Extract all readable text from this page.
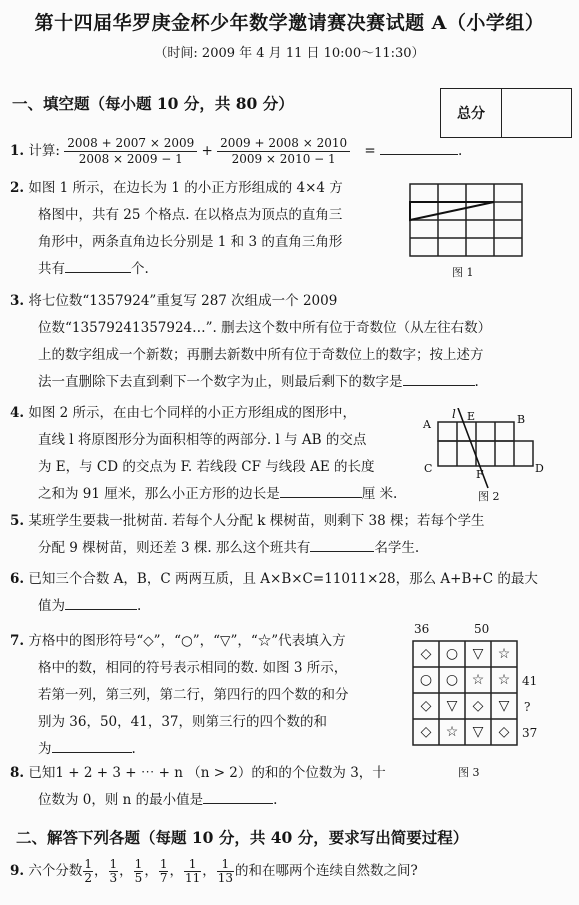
第十四届华罗庚金杯少年数学邀请赛决赛试题 A（小学组）
（时间: 2009 年 4 月 11 日 10:00～11:30）
一、填空题（每小题 10 分，共 80 分）
总分
1. 计算: $\frac{2008 + 2007 \times 2009}{2008 \times 2009 - 1} + \frac{2009 + 2008 \times 2010}{2009 \times 2010 - 1}$ =	.
2. 如图 1 所示，在边长为 1 的小正方形组成的 4×4 方
格图中，共有 25 个格点. 在以格点为顶点的直角三
角形中，两条直角边长分别是 1 和 3 的直角三角形
共有	个.	图 1
3. 将七位数“1357924”重复写 287 次组成一个 2009
位数“13579241357924…”. 删去这个数中所有位于奇数位（从左往右数）
上的数字组成一个新数；再删去新数中所有位于奇数位上的数字；按上述方
法一直删除下去直到剩下一个数字为止，则最后剩下的数字是	.
4. 如图 2 所示，在由七个同样的小正方形组成的图形中，
直线 l 将原图形分为面积相等的两部分. l 与 AB 的交点
为 E，与 CD 的交点为 F. 若线段 CF 与线段 AE 的长度
之和为 91 厘米，那么小正方形的边长是	厘 米.
l E	B
A
C	F	D
图 2
5. 某班学生要栽一批树苗. 若每个人分配 k 棵树苗，则剩下 38 棵；若每个学生
分配 9 棵树苗，则还差 3 棵. 那么这个班共有	名学生.
6. 已知三个合数 A，B，C 两两互质，且 A×B×C=11011×28，那么 A+B+C 的最大
值为	.
7. 方格中的图形符号“◇”，“○”，“▽”，“☆”代表填入方
格中的数，相同的符号表示相同的数. 如图 3 所示，
若第一列，第三列，第二行，第四行的四个数的和分
别为 36，50，41，37，则第三行的四个数的和
为	.
36	50
◇	○	▽	☆
○ ○ ☆ ☆
◇	▽	◇	▽
◇	☆	▽	◇
41
?
37
图 3
8. 已知1 + 2 + 3 + ⋯ + n （n > 2）的和的个位数为 3，十
位数为 0，则 n 的最小值是	.
二、解答下列各题（每题 10 分，共 40 分，要求写出简要过程）
9. 六个分数 $\frac{1}{2}$ ， $\frac{1}{3}$ ， $\frac{1}{5}$ ， $\frac{1}{7}$ ， $\frac{1}{11}$ ， $\frac{1}{13}$ 的和在哪两个连续自然数之间?
